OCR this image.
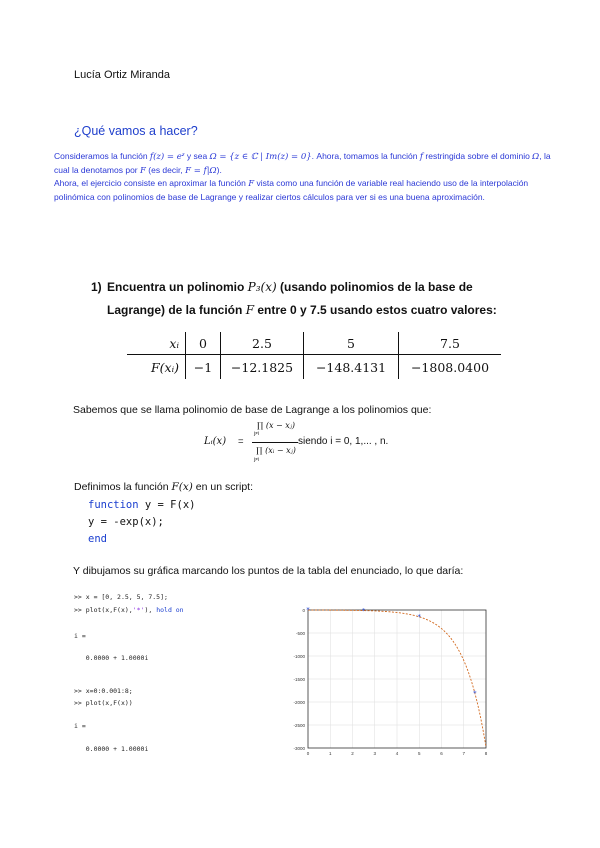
Lucía Ortiz Miranda
¿Qué vamos a hacer?

Consideramos la función f(z) = eᶻ y sea Ω = {z ∈ ℂ | Im(z) = 0}. Ahora, tomamos la función f restringida sobre el dominio Ω, la cual la denotamos por F (es decir, F = f|Ω).

Ahora, el ejercicio consiste en aproximar la función F vista como una función de variable real haciendo uso de la interpolación polinómica con polinomios de base de Lagrange y realizar ciertos cálculos para ver si es una buena aproximación.

1) Encuentra un polinomio P₃(x) (usando polinomios de la base de
Lagrange) de la función F entre 0 y 7.5 usando estos cuatro valores:
xᵢ	0	2.5	5	7.5
F(xᵢ)	−1	−12.1825	−148.4131	−1808.0400
Sabemos que se llama polinomio de base de Lagrange a los polinomios que:
Lᵢ(x) =
∏ (x − xⱼ)
j≠i
∏ (xᵢ − xⱼ)
j≠i
siendo i = 0, 1,... , n.
Definimos la función F(x) en un script:
function y = F(x)
y = -exp(x);
end
Y dibujamos su gráfica marcando los puntos de la tabla del enunciado, lo que daría:
>> x = [0, 2.5, 5, 7.5];
>> plot(x,F(x),'*'), hold on
i =
0.0000 + 1.0000i
>> x=0:0.001:8;
>> plot(x,F(x))
i =
0.0000 + 1.0000i
0
-500
-1000
-1500
-2000
-2500
-3000
0	1	2	3	4	5	6	7	8
*	*
*
*
